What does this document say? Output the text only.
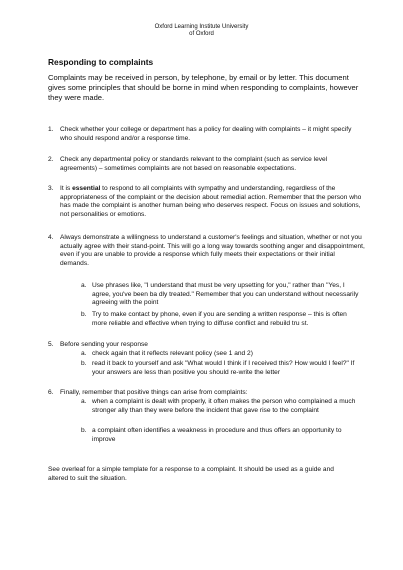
Oxford Learning Institute University
of Oxford
Responding to complaints
Complaints may be received in person, by telephone, by email or by letter. This document gives some principles that should be borne in mind when responding to complaints, however they were made.
1. Check whether your college or department has a policy for dealing with complaints – it might specify who should respond and/or a response time.
2. Check any departmental policy or standards relevant to the complaint (such as service level agreements) – sometimes complaints are not based on reasonable expectations.
3. It is essential to respond to all complaints with sympathy and understanding, regardless of the appropriateness of the complaint or the decision about remedial action. Remember that the person who has made the complaint is another human being who deserves respect. Focus on issues and solutions, not personalities or emotions.
4. Always demonstrate a willingness to understand a customer's feelings and situation, whether or not you actually agree with their stand-point. This will go a long way towards soothing anger and disappointment, even if you are unable to provide a response which fully meets their expectations or their initial demands.
a. Use phrases like, "I understand that must be very upsetting for you," rather than "Yes, I agree, you've been ba dly treated." Remember that you can understand without necessarily agreeing with the point
b. Try to make contact by phone, even if you are sending a written response – this is often more reliable and effective when trying to diffuse conflict and rebuild tru st.
5. Before sending your response
a. check again that it reflects relevant policy (see 1 and 2)
b. read it back to yourself and ask "What would I think if I received this? How would I feel?" If your answers are less than positive you should re-write the letter
6. Finally, remember that positive things can arise from complaints:
a. when a complaint is dealt with properly, it often makes the person who complained a much stronger ally than they were before the incident that gave rise to the complaint
b. a complaint often identifies a weakness in procedure and thus offers an opportunity to improve
See overleaf for a simple template for a response to a complaint. It should be used as a guide and altered to suit the situation.
